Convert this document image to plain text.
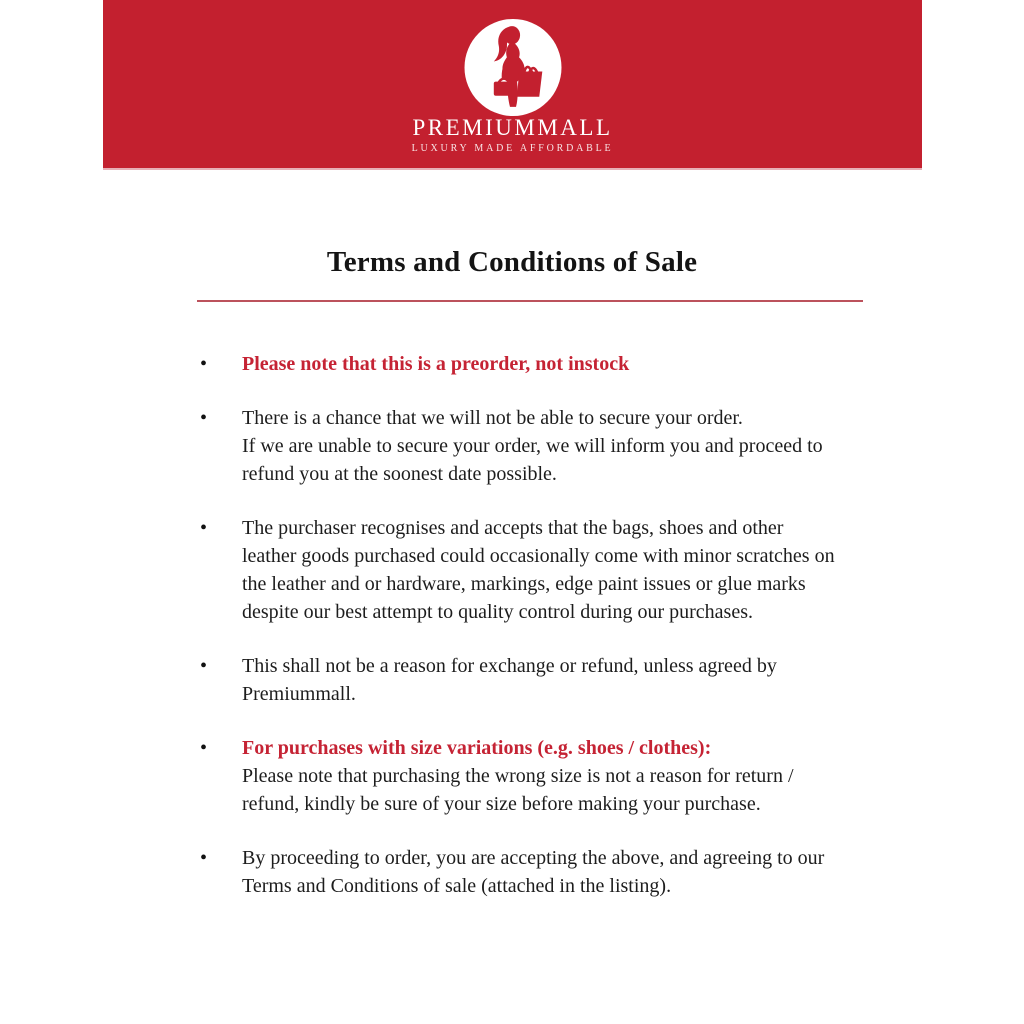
PREMIUMMALL
LUXURY MADE AFFORDABLE
Terms and Conditions of Sale
•	Please note that this is a preorder, not instock
•	There is a chance that we will not be able to secure your order.
If we are unable to secure your order, we will inform you and proceed to
refund you at the soonest date possible.
•	The purchaser recognises and accepts that the bags, shoes and other
leather goods purchased could occasionally come with minor scratches on
the leather and or hardware, markings, edge paint issues or glue marks
despite our best attempt to quality control during our purchases.
•	This shall not be a reason for exchange or refund, unless agreed by
Premiummall.
•	For purchases with size variations (e.g. shoes / clothes):
Please note that purchasing the wrong size is not a reason for return /
refund, kindly be sure of your size before making your purchase.
•	By proceeding to order, you are accepting the above, and agreeing to our
Terms and Conditions of sale (attached in the listing).
